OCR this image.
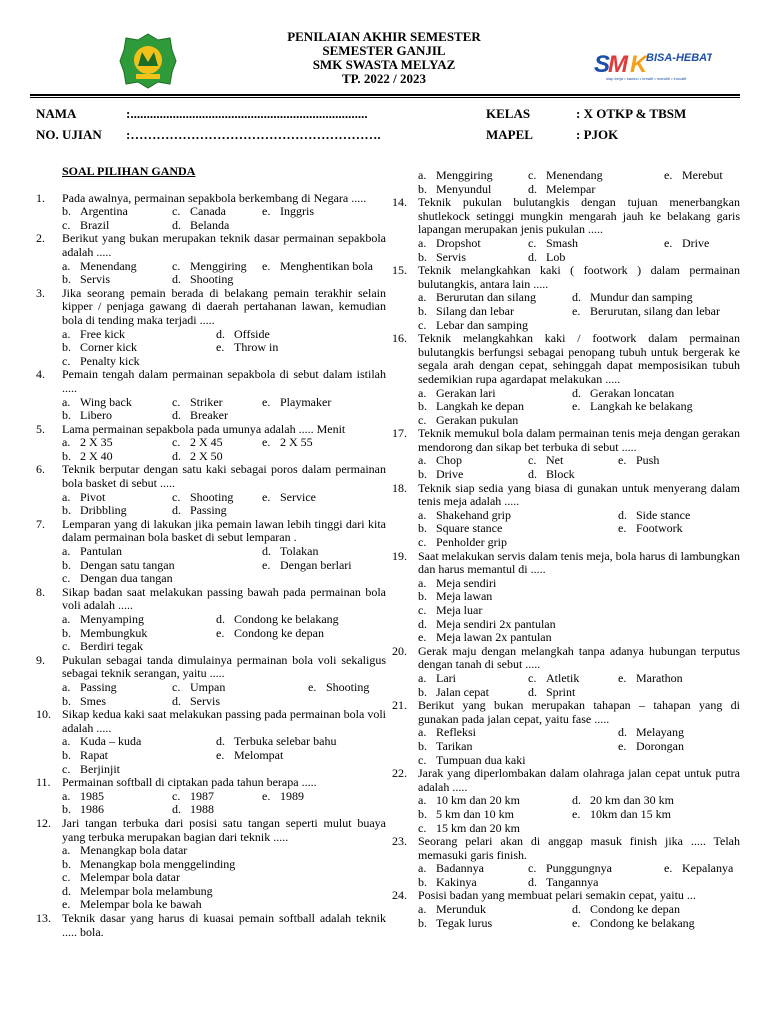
S
M K
BISA-HEBAT
siap kerja • santun • kreatif • mandiri • inovatif
PENILAIAN AKHIR SEMESTER
SEMESTER GANJIL
SMK SWASTA MELYAZ
TP. 2022 / 2023
NAMA	:.........................................................................
NO. UJIAN :………………………………………………….
KELAS	: X OTKP & TBSM
MAPEL	: PJOK
SOAL PILIHAN GANDA
1. Pada awalnya, permainan sepakbola berkembang di Negara .....
b. Argentina	c. Canada	e. Inggris
c. Brazil	d. Belanda
2. Berikut yang bukan merupakan teknik dasar permainan sepakbola adalah .....
a. Menendang	c. Menggiring e. Menghentikan bola
b. Servis	d. Shooting
3. Jika seorang pemain berada di belakang pemain terakhir selain kipper / penjaga gawang di daerah pertahanan lawan, kemudian bola di tending maka terjadi .....
a. Free kick	d. Offside
b. Corner kick	e. Throw in
c. Penalty kick
4. Pemain tengah dalam permainan sepakbola di sebut dalam istilah .....
a. Wing back	c. Striker	e. Playmaker
b. Libero	d. Breaker
5. Lama permainan sepakbola pada umunya adalah ..... Menit
a. 2 X 35	c. 2 X 45	e. 2 X 55
b. 2 X 40	d. 2 X 50
6. Teknik berputar dengan satu kaki sebagai poros dalam permainan bola basket di sebut .....
a. Pivot	c. Shooting e. Service
b. Dribbling	d. Passing
7. Lemparan yang di lakukan jika pemain lawan lebih tinggi dari kita dalam permainan bola basket di sebut lemparan .
a. Pantulan	d. Tolakan
b. Dengan satu tangan	e. Dengan berlari
c. Dengan dua tangan
8. Sikap badan saat melakukan passing bawah pada permainan bola voli adalah .....
a. Menyamping	d. Condong ke belakang
b. Membungkuk	e. Condong ke depan
c. Berdiri tegak
9. Pukulan sebagai tanda dimulainya permainan bola voli sekaligus sebagai teknik serangan, yaitu .....
a. Passing	c. Umpan	e. Shooting
b. Smes	d. Servis
10. Sikap kedua kaki saat melakukan passing pada permainan bola voli adalah .....
a. Kuda – kuda	d. Terbuka selebar bahu
b. Rapat	e. Melompat
c. Berjinjit
11. Permainan softball di ciptakan pada tahun berapa .....
a. 1985	c. 1987	e. 1989
b. 1986	d. 1988
12. Jari tangan terbuka dari posisi satu tangan seperti mulut buaya yang terbuka merupakan bagian dari teknik .....
a. Menangkap bola datar
b. Menangkap bola menggelinding
c. Melempar bola datar
d. Melempar bola melambung
e. Melempar bola ke bawah
13. Teknik dasar yang harus di kuasai pemain softball adalah teknik ..... bola.
a. Menggiring	c. Menendang	e. Merebut
b. Menyundul	d. Melempar
14. Teknik pukulan bulutangkis dengan tujuan menerbangkan shutlekock setinggi mungkin mengarah jauh ke belakang garis lapangan merupakan jenis pukulan .....
a. Dropshot	c. Smash	e. Drive
b. Servis	d. Lob
15. Teknik melangkahkan kaki ( footwork ) dalam permainan bulutangkis, antara lain .....
a. Berurutan dan silang	d. Mundur dan samping
b. Silang dan lebar	e. Berurutan, silang dan lebar
c. Lebar dan samping
16. Teknik melangkahkan kaki / footwork dalam permainan bulutangkis berfungsi sebagai penopang tubuh untuk bergerak ke segala arah dengan cepat, sehinggah dapat memposisikan tubuh sedemikian rupa agardapat melakukan .....
a. Gerakan lari	d. Gerakan loncatan
b. Langkah ke depan	e. Langkah ke belakang
c. Gerakan pukulan
17. Teknik memukul bola dalam permainan tenis meja dengan gerakan mendorong dan sikap bet terbuka di sebut .....
a. Chop	c. Net	e. Push
b. Drive	d. Block
18. Teknik siap sedia yang biasa di gunakan untuk menyerang dalam tenis meja adalah .....
a. Shakehand grip	d. Side stance
b. Square stance	e. Footwork
c. Penholder grip
19. Saat melakukan servis dalam tenis meja, bola harus di lambungkan dan harus memantul di .....
a. Meja sendiri
b. Meja lawan
c. Meja luar
d. Meja sendiri 2x pantulan
e. Meja lawan 2x pantulan
20. Gerak maju dengan melangkah tanpa adanya hubungan terputus dengan tanah di sebut .....
a. Lari	c. Atletik	e. Marathon
b. Jalan cepat	d. Sprint
21. Berikut yang bukan merupakan tahapan – tahapan yang di gunakan pada jalan cepat, yaitu fase .....
a. Refleksi	d. Melayang
b. Tarikan	e. Dorongan
c. Tumpuan dua kaki
22. Jarak yang diperlombakan dalam olahraga jalan cepat untuk putra adalah .....
a. 10 km dan 20 km	d. 20 km dan 30 km
b. 5 km dan 10 km	e. 10km dan 15 km
c. 15 km dan 20 km
23. Seorang pelari akan di anggap masuk finish jika ..... Telah memasuki garis finish.
a. Badannya	c. Punggungnya	e. Kepalanya
b. Kakinya	d. Tangannya
24. Posisi badan yang membuat pelari semakin cepat, yaitu ...
a. Merunduk	d. Condong ke depan
b. Tegak lurus	e. Condong ke belakang
